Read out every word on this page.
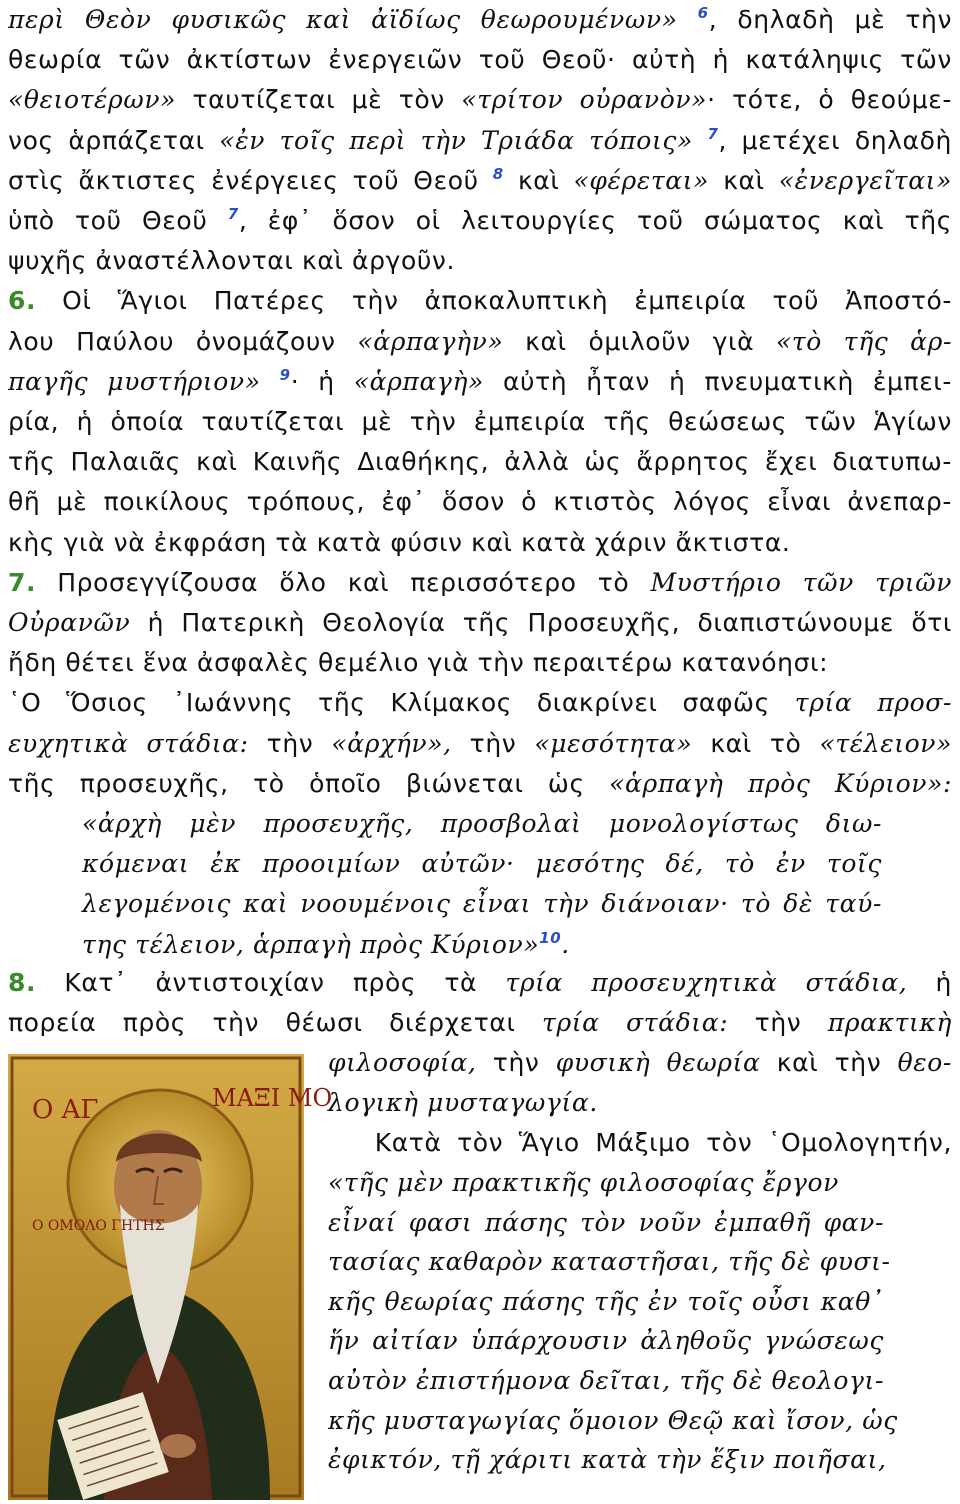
περὶ Θεὸν φυσικῶς καὶ ἀϊδίως θεωρουμένων» $^6$, δηλαδὴ μὲ τὴν
θεωρία τῶν ἀκτίστων ἐνεργειῶν τοῦ Θεοῦ· αὐτὴ ἡ κατάληψις τῶν
«θειοτέρων» ταυτίζεται μὲ τὸν «τρίτον οὐρανὸν»· τότε, ὁ θεούμε-
νος ἁρπάζεται «ἐν τοῖς περὶ τὴν Τριάδα τόποις» $^7$, μετέχει δηλαδὴ
στὶς ἄκτιστες ἐνέργειες τοῦ Θεοῦ $^8$ καὶ «φέρεται» καὶ «ἐνεργεῖται»
ὑπὸ τοῦ Θεοῦ $^7$, ἐφ᾽ ὅσον οἱ λειτουργίες τοῦ σώματος καὶ τῆς
ψυχῆς ἀναστέλλονται καὶ ἀργοῦν.
6. Οἱ Ἅγιοι Πατέρες τὴν ἀποκαλυπτικὴ ἐμπειρία τοῦ Ἀποστό-
λου Παύλου ὀνομάζουν «ἁρπαγὴν» καὶ ὁμιλοῦν γιὰ «τὸ τῆς ἁρ-
παγῆς μυστήριον» $^9$· ἡ «ἁρπαγὴ» αὐτὴ ἦταν ἡ πνευματικὴ ἐμπει-
ρία, ἡ ὁποία ταυτίζεται μὲ τὴν ἐμπειρία τῆς θεώσεως τῶν Ἁγίων
τῆς Παλαιᾶς καὶ Καινῆς Διαθήκης, ἀλλὰ ὡς ἄρρητος ἔχει διατυπω-
θῆ μὲ ποικίλους τρόπους, ἐφ᾽ ὅσον ὁ κτιστὸς λόγος εἶναι ἀνεπαρ-
κὴς γιὰ νὰ ἐκφράση τὰ κατὰ φύσιν καὶ κατὰ χάριν ἄκτιστα.
7. Προσεγγίζουσα ὅλο καὶ περισσότερο τὸ Μυστήριο τῶν τριῶν
Οὐρανῶν ἡ Πατερικὴ Θεολογία τῆς Προσευχῆς, διαπιστώνουμε ὅτι
ἤδη θέτει ἕνα ἀσφαλὲς θεμέλιο γιὰ τὴν περαιτέρω κατανόησι:
῾Ο Ὅσιος ᾿Ιωάννης τῆς Κλίμακος διακρίνει σαφῶς τρία προσ-
ευχητικὰ στάδια: τὴν «ἀρχήν», τὴν «μεσότητα» καὶ τὸ «τέλειον»
τῆς προσευχῆς, τὸ ὁποῖο βιώνεται ὡς «ἁρπαγὴ πρὸς Κύριον»:
«ἀρχὴ μὲν προσευχῆς, προσβολαὶ μονολογίστως διω-
κόμεναι ἐκ προοιμίων αὐτῶν· μεσότης δέ, τὸ ἐν τοῖς
λεγομένοις καὶ νοουμένοις εἶναι τὴν διάνοιαν· τὸ δὲ ταύ-
της τέλειον, ἁρπαγὴ πρὸς Κύριον»$^{10}$.
8. Κατ᾽ ἀντιστοιχίαν πρὸς τὰ τρία προσευχητικὰ στάδια, ἡ
πορεία πρὸς τὴν θέωσι διέρχεται τρία στάδια: τὴν πρακτικὴ
φιλοσοφία, τὴν φυσικὴ θεωρία καὶ τὴν θεο-
λογικὴ μυσταγωγία.
Κατὰ τὸν Ἅγιο Μάξιμο τὸν ῾Ομολογητήν,
«τῆς μὲν πρακτικῆς φιλοσοφίας ἔργον
εἶναί φασι πάσης τὸν νοῦν ἐμπαθῆ φαν-
τασίας καθαρὸν καταστῆσαι, τῆς δὲ φυσι-
κῆς θεωρίας πάσης τῆς ἐν τοῖς οὖσι καθ᾽
ἥν αἰτίαν ὑπάρχουσιν ἀληθοῦς γνώσεως
αὐτὸν ἐπιστήμονα δεῖται, τῆς δὲ θεολογι-
κῆς μυσταγωγίας ὅμοιον Θεῷ καὶ ἴσον, ὡς
ἐφικτόν, τῇ χάριτι κατὰ τὴν ἕξιν ποιῆσαι,
Ο ΑΓ	ΜΑΞΙ ΜΟ
Ο ΟΜΟΛΟ ΓΗΤΗΣ
